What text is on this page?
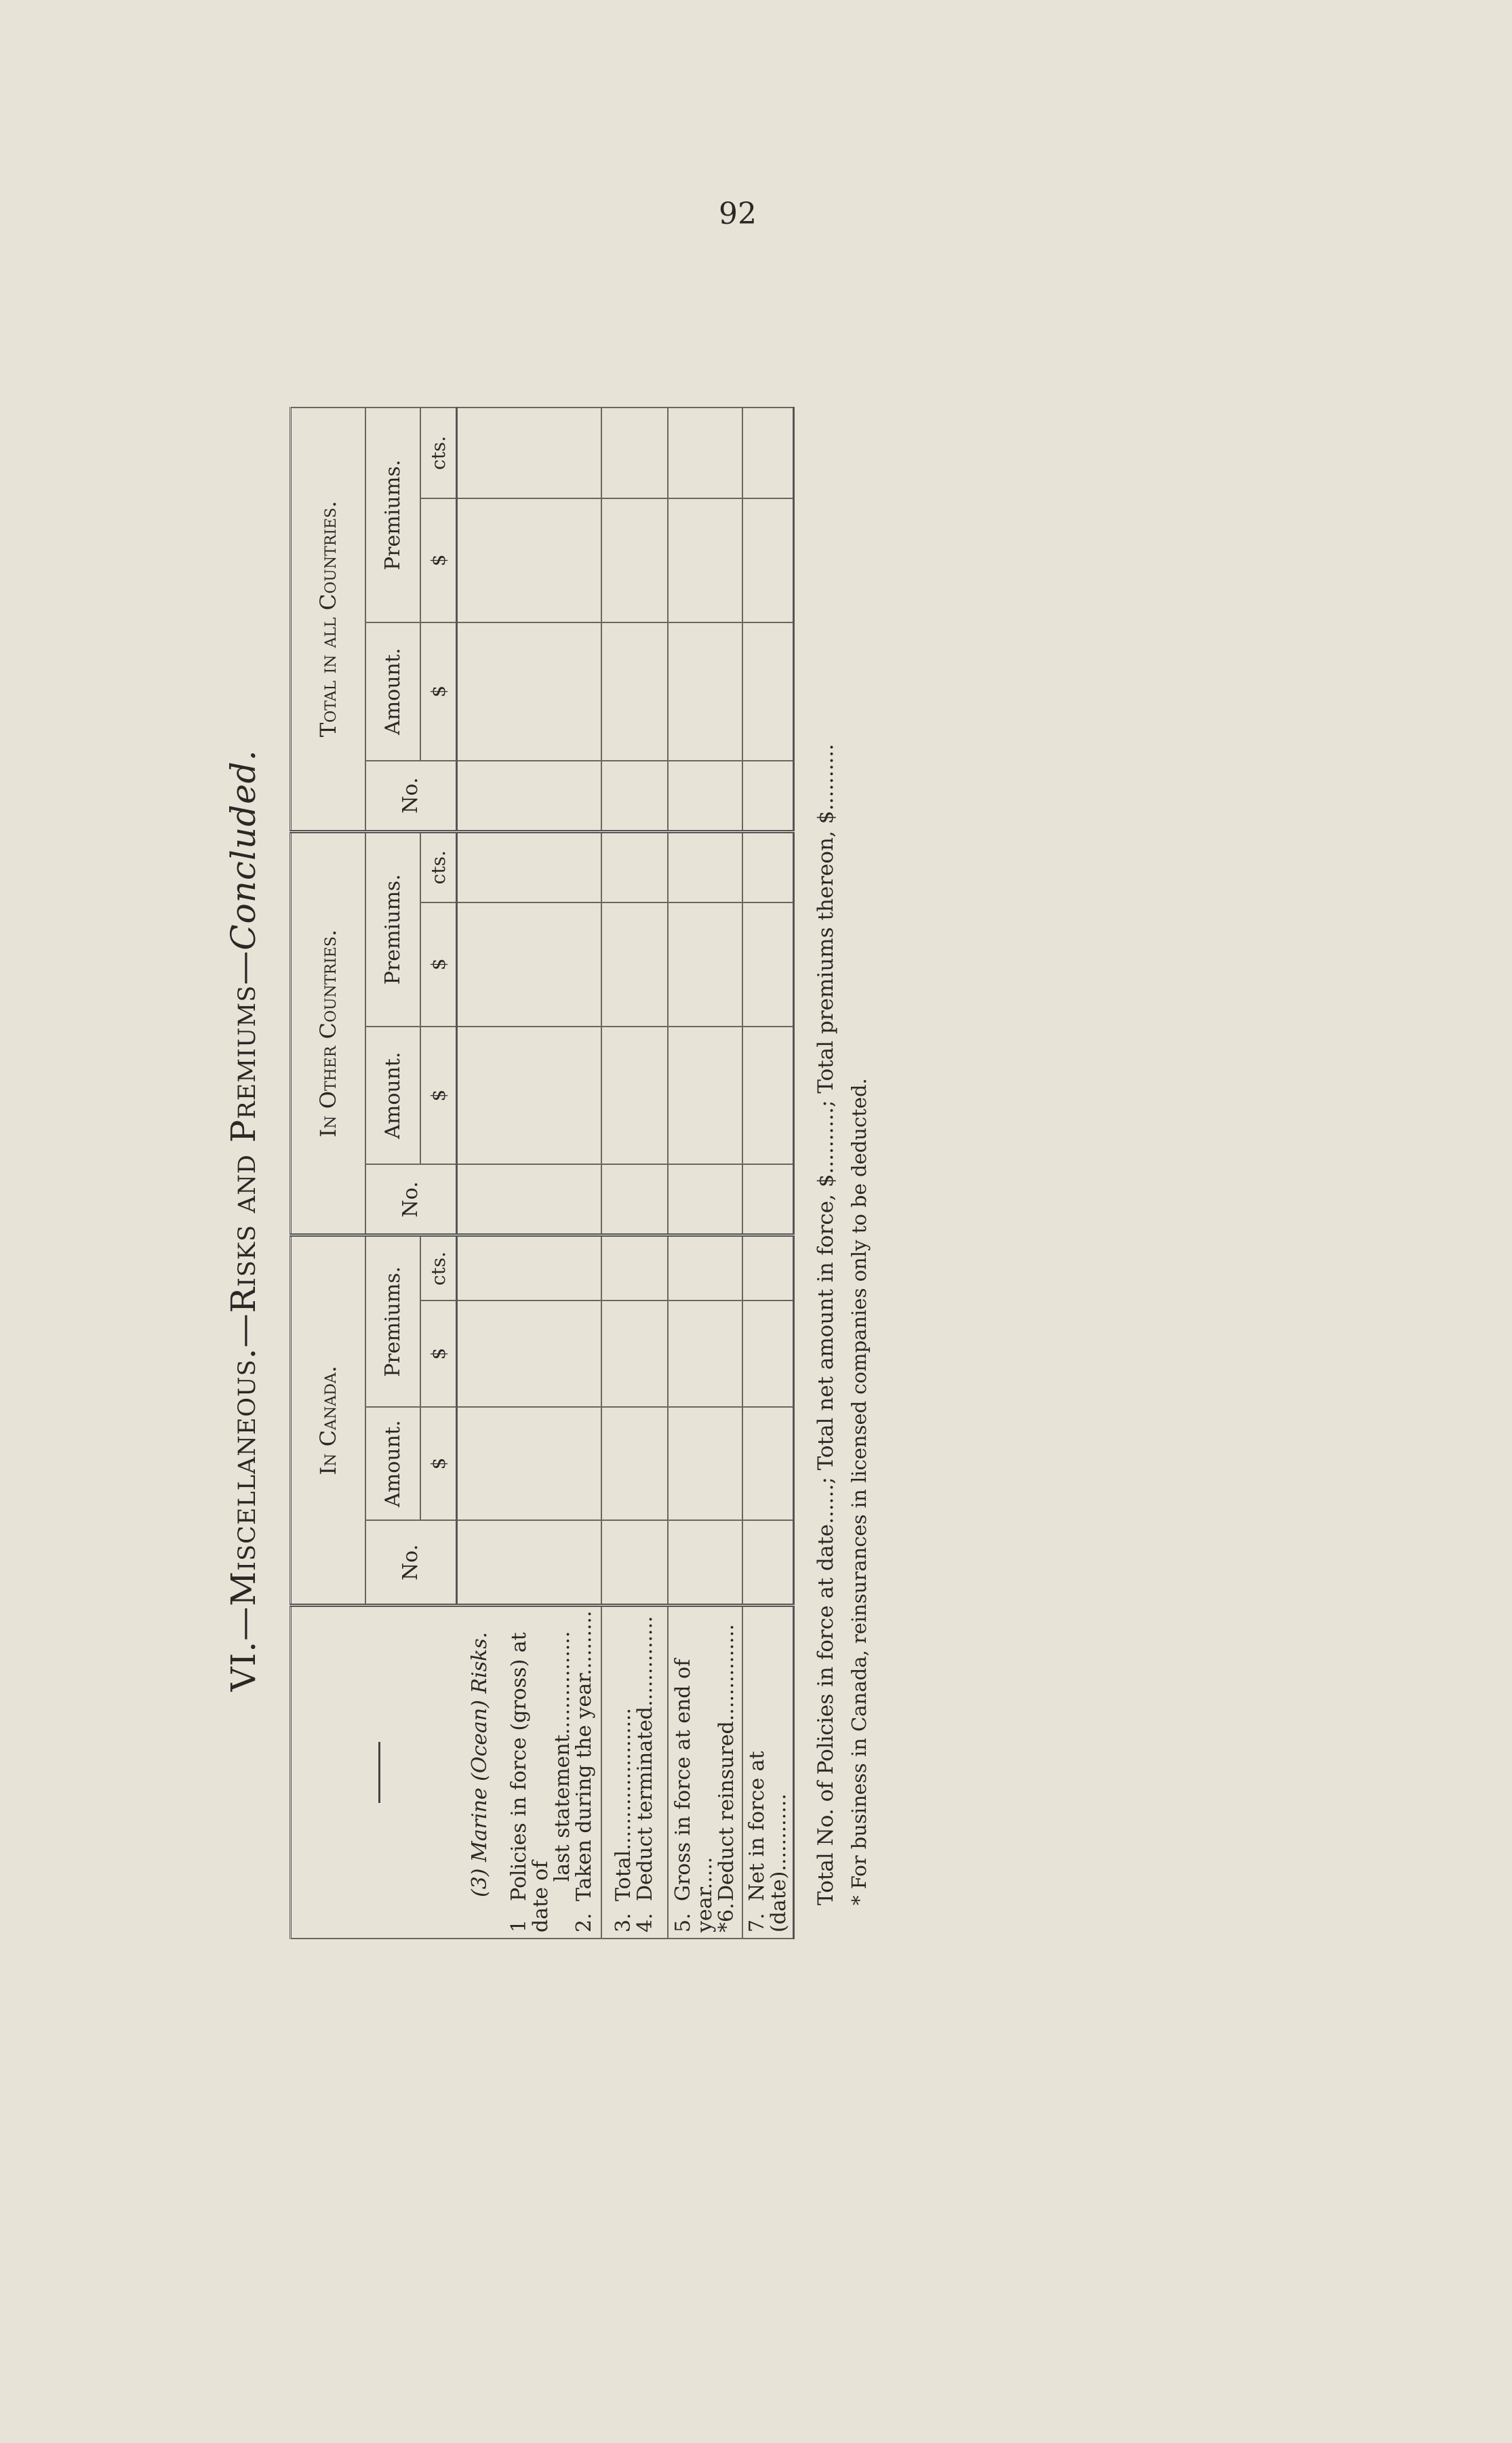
92
VI.—Miscellaneous.—Risks and Premiums—Concluded.
	In Canada.				In Other Countries.				Total in all Countries.			
	No.	Amount.	Premiums.		No.	Amount.	Premiums.		No.	Amount.	Premiums.	
		$	$	cts.		$	$	cts.		$	$	cts.
(3) Marine (Ocean) Risks.												
1Policies in force (gross) at date of
last statement................
2.Taken during the year..........												
3.Total......................
4.Deduct terminated..............												
5.Gross in force at end of year.....
*6.Deduct reinsured...............												
7.Net in force at (date)............												Total No. of Policies in force at date......; Total net amount in force, $..........; Total premiums thereon, $.......... * For business in Canada, reinsurances in licensed companies only to be deducted.
